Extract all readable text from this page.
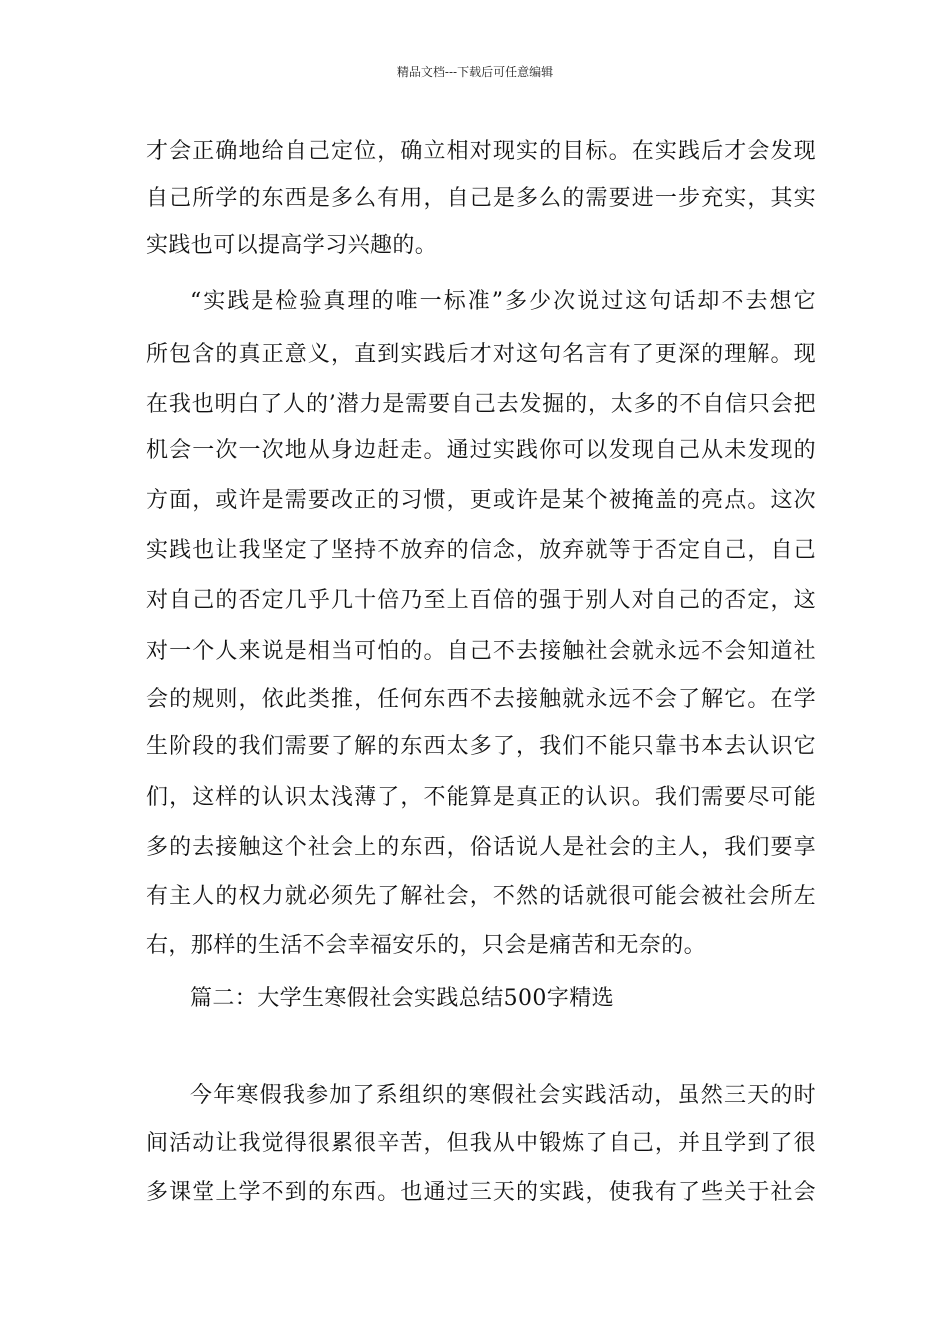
精品文档---下载后可任意编辑
才会正确地给自己定位，确立相对现实的目标。在实践后才会发现
自己所学的东西是多么有用，自己是多么的需要进一步充实，其实
实践也可以提高学习兴趣的。
“实践是检验真理的唯一标准”多少次说过这句话却不去想它
所包含的真正意义，直到实践后才对这句名言有了更深的理解。现
在我也明白了人的’潜力是需要自己去发掘的，太多的不自信只会把
机会一次一次地从身边赶走。通过实践你可以发现自己从未发现的
方面，或许是需要改正的习惯，更或许是某个被掩盖的亮点。这次
实践也让我坚定了坚持不放弃的信念，放弃就等于否定自己，自己
对自己的否定几乎几十倍乃至上百倍的强于别人对自己的否定，这
对一个人来说是相当可怕的。自己不去接触社会就永远不会知道社
会的规则，依此类推，任何东西不去接触就永远不会了解它。在学
生阶段的我们需要了解的东西太多了，我们不能只靠书本去认识它
们，这样的认识太浅薄了，不能算是真正的认识。我们需要尽可能
多的去接触这个社会上的东西，俗话说人是社会的主人，我们要享
有主人的权力就必须先了解社会，不然的话就很可能会被社会所左
右，那样的生活不会幸福安乐的，只会是痛苦和无奈的。
篇二：大学生寒假社会实践总结500字精选
今年寒假我参加了系组织的寒假社会实践活动，虽然三天的时
间活动让我觉得很累很辛苦，但我从中锻炼了自己，并且学到了很
多课堂上学不到的东西。也通过三天的实践，使我有了些关于社会
